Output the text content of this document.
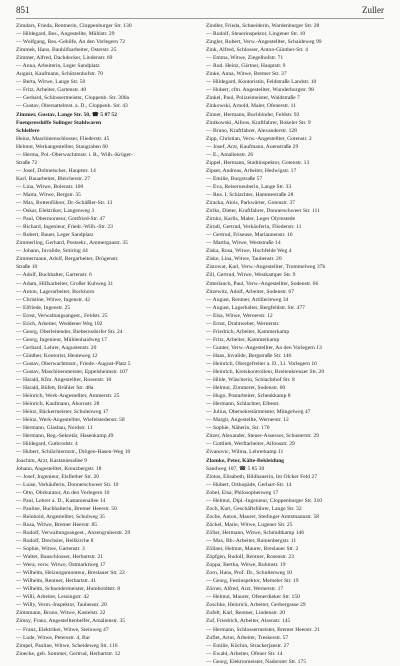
851	Zuller
Zimdars, Frieda, Rentnerin, Cloppenburger Str. 130
— Hildegard, Bes., Angestellte, Mühlstr. 29
— Wolfgang, Bes.-Gehilfe, An den Vorlegern 72
Zimmek, Hans, Bauhilfsarbeiter, Osterstr. 25
Zimmer, Alfred, Dachdecker, Lindenstr. 69
— Anna, Arbeiterin, Leger Sandplatz
August, Kaufmann, Schützenhofstr. 70
— Berta, Witwe, Lange Str. 50
— Fritz, Arbeiter, Gartenstr. 40
— Gerhard, Schlossermeister, Cloppenb. Str. 300a
— Gustav, Obersattelmst. a. D., Cloppenb. Str. 43
Zimmer, Gustav, Lange Str. 50, ☎ 5 87 52
Fuenpresshiffe Solinger Stahlwaren
Schleifere
Heinz, Maschinenschlosser, Fliederstr. 45
Helmut, Werkangestellter, Staugraben 60
— Herma, Pol.-Oberwachtmstr. i. R., Wilh.-Krüger-
Straße 72
— Josef, Dolmetscher, Hauptstr. 14
Karl, Bauarbeiter, Bleicherstr. 27
— Lina, Witwe, Bolenstr. 100
— Marta, Witwe, Bergstr. 35
— Max, Rottenführer, Dr.-Schüßler-Str. 13
— Oskar, Elektriker, Langenweg 3
— Paul, Obermonteur, Gottfried-Str. 47
— Richard, Ingenieur, Friedr.-Wilh.-Str. 23
— Robert, Bauer, Leger Sandplatz
Zimmerling, Gerhard, Postsekr., Ammergaustr. 35
— Johann, Invalide, Smiring 44
Zimmermann, Adolf, Bergarbeiter, Drögenstr.
Straße 10
— Adolf, Buchhalter, Gartenstr. 6
— Adam, Hilfsarbeiter, Großer Kuhweg 31
— Anton, Lagerarbeiter, Bockhorn
— Christine, Witwe, Ingenstr. 42
— Elfriede, Ingenstr. 25
— Ernst, Verwaltungsangest., Feldstr. 25
— Erich, Arbeiter, Weddener Weg 102
— Georg, Oberleitender, Biebernsdorfer Str. 24
— Georg, Ingenieur, Mühlenhaidweg 17
— Gerhard, Lehrer, Augustenstr. 20
— Günther, Kontorist, Heuteweg 12
— Gustav, Oberwachtmstr., Friede.-August-Platz 5
— Gustav, Maschinenmeister, Eppelsheimstr. 107
— Harald, Kfm. Angestellter, Rosenstr. 10
— Harald, Büfett, Brühler Str. 48a
— Heinrich, Werk-Angestellter, Ammerstr. 25
— Heinrich, Kaufmann, Ahornstr. 28
— Heinz, Bäckermeister, Schulenweg 17
— Heinz, Werk-Angestellter, Wiefelstederstr. 58
— Hermann, Glasbau, Nordstr. 11
— Hermann, Reg.-Sekretär, Hasenkamp 49
— Hildegard, Gutbrodstr. 4
— Hubert, Schlächtermstr., Drögen-Hasen-Weg 10
Joachim, Arzt, Kastanienallee 9
Johann, Angestellter, Kreuzbergstr. 18
— Josef, Ingenieur, Elsflether Str. 20
— Luise, Verkäuferin, Donnerschweer Str. 10
— Otto, Obrkurator, An den Vorlegern 10
— Paul, Lehrer a. D., Kastanienallee 14
— Pauline, Buchhalterin, Bremer Heerstr. 50
— Reinhold, Angestellter, Schulweg 35
— Rosa, Witwe, Bremer Heerstr. 85
— Rudolf, Verwaltungsangest., Anzengruberstr. 29
— Rudolf, Drechsler, Hellkirche 8
— Sophie, Witwe, Gartenstr. 3
— Walter, Bauschlosser, Herbartstr. 21
— Wera, verw. Witwe, Ostmarktweg 17
— Wilhelm, Heizungsmonteur, Breslauer Str. 22
— Wilhelm, Rentner, Herbartstr. 41
— Wilhelm, Schneidermeister, Humboldtstr. 8
— Willi, Arbeiter, Lessingstr. 42
— Willy, Verm.-Inspektor, Taubenstr. 20
Zimnmann, Bruno, Witwe, Kastelstr. 22
Zimny, Franz, Angestelltenhelfer, Amalienstr. 35
— Franz, Elektriker, Witwe, Steinweg 47
— Lude, Witwe, Petersstr. 4, Bar
Zimpel, Pauline, Witwe, Scheideweg Str. 116
Zinecke, geb. Sommer, Gertrud, Herbartstr. 12
Zindler, Frieda, Schneiderin, Wardenburger Str. 28
— Rudolf, Steuerinspektor, Lingener Str. 10
Zingler, Robert, Verw.-Angestellter, Schaideweg 99
Zink, Alfred, Schlosser, Anton-Günther-Str. 4
— Emma, Witwe, Ziegelhofstr. 71
— Rud. Heinz, Gärtner, Hauptstr. 9
Zinke, Anna, Witwe, Bremer Str. 37
— Hildegard, Kontoristin, Feldstraße Landstr. 10
— Hubert, cfm. Angestellter, Wunderburgstr. 98
Zinkel, Paul, Polizeimeister, Waldstraße 7
Zinkowski, Arnold, Maler, Ofenerstr. 11
Zinner, Hermann, Buchbinder, Feldstr. 92
Zintkowski, Alfons, Kraftfahrer, Bokeler Str. 9
— Bruno, Kraftfahrer, Alexanderstr. 128
Zipp, Christian, Verw.-Angestellter, Gotenstr. 2
— Josef, Arzt, Kaufmann, Auenstraße 29
— E., Amalienstr. 26
Zippel, Hermann, Stadtinspektor, Gotenstr. 13
Zipser, Andreas, Arbeiter, Hedwigstr. 17
— Emilie, Burgstraße 57
— Eva, Reiserneuberin, Lange Str. 33
— Rea. I, Schlachter, Hammestraße 28
Ziracka, Alois, Parkwärter, Gotenstr. 37
Ziriks, Dieter, Kraftfahrer, Donnerschweer Str. 111
Zirnitz, Karlis, Maler, Leger Olymstede
Zirndl, Gertrud, Verkäuferin, Fliederstr. 11
— Gertrud, Friseuse, Mariannenstr. 16
— Martha, Witwe, Weststraße 14
Ziska, Rosa, Witwe, Hochfelde Weg 4
Ziske, Lina, Witwe, Taubenstr. 20
Zistowat, Karl, Verw.-Angestellter, Trommelweg 37b
Zill, Gertrud, Witwe, Westkamper Str. 9
Zitterlauch, Paul, Verw.-Angestellter, Sodenstr. 66
Zitzewitz, Adolf, Arbeiter, Sodenstr. 67
— August, Rentner, Artillerieweg 34
— August, Lagerhalter, Bergfeldstr. Str. 477
— Elsa, Witwe, Wernerstr. 12
— Ernst, Drahtweber, Wernerstr.
— Friedrich, Arbeiter, Kammerkamp
— Fritz, Arbeiter, Kammerkamp
— Gunter, Verw.-Angestellter, An den Vorlegern 13
— Hans, Invalide, Bergstraße Str. 146
— Heinrich, Obergefreiter a. D., Ll. Vorlegern 16
— Heinrich, Kreiskontrolleur, Breitenkreuzer Str. 20
— Hilde, Wäscherin, Schlachthof Str. 8
— Helmut, Zimmerer, Sodenstr. 60
— Hugo, Postarbeiter, Schenkkamp 8
— Hermann, Schlachter, Elbestr.
— Julius, Obersekretärmeister, Müngelweg 47
— Margit, Angestellte, Wernerstr. 12
— Sophie, Näherin, Str. 170
Zitzer, Alexander, Steuer-Assessor, Schusterstr. 29
— Gottlieb, Werftarbeiter, Alfonsstr. 29
Zivanovic, Wilma, Lehrerkamp 11
Zlomke, Peter, Kälte-Bekleidung
Sandweg 107, ☎ 5 85 30
Zlotos, Elisabeth, Bildhauerin, Im Olcker Feld 27
— Hubert, Orthopäde, Gerhart-Str. 14
Zobel, Elsa, Philosophenweg 17
— Helmut, Dipl.-Ingenieur, Cloppenburger Str. 310
Zoch, Kurt, Geschäftsführer, Lange Str. 32
Zoche, Anton, Maurer, Stedinger Amtsmannstr. 58
Zöckel, Marie, Witwe, Lugener Str. 25
Zöller, Hermann, Witwe, Schmidtkamp 146
— Max, Bb.-Arbeiter, Rainenbergstr. 11
Zöllner, Helmut, Maurer, Breslauer Str. 2
Zöpfgen, Rudolf, Rentner, Rosenstr. 23
Zoppa, Bertha, Witwe, Ruhmstr. 19
Zorn, Hans, Prof. Dr., Schultenweg 10
— Georg, Festinspektor, Memeler Str. 19
Zörner, Alfred, Arzt, Wernerstr. 17
— Helmut, Maurer, Ofenerdieker Str. 150
Zoschke, Heinrich, Arbeiter, Gerbergasse 29
Zufelt, Karl, Rentner, Lindenstr. 20
Zuf, Friedrich, Arbeiter, Alsenstr. 145
— Hermann, Schlossermeister, Bremer Heerstr. 21
Zuflet, Artur, Arbeiter, Treskerstr. 57
— Emilie, Köchin, Strackerjanstr. 27
— Ewald, Arbeiter, Ofener Str. 14
— Georg, Elektromeister, Nadorster Str. 175
